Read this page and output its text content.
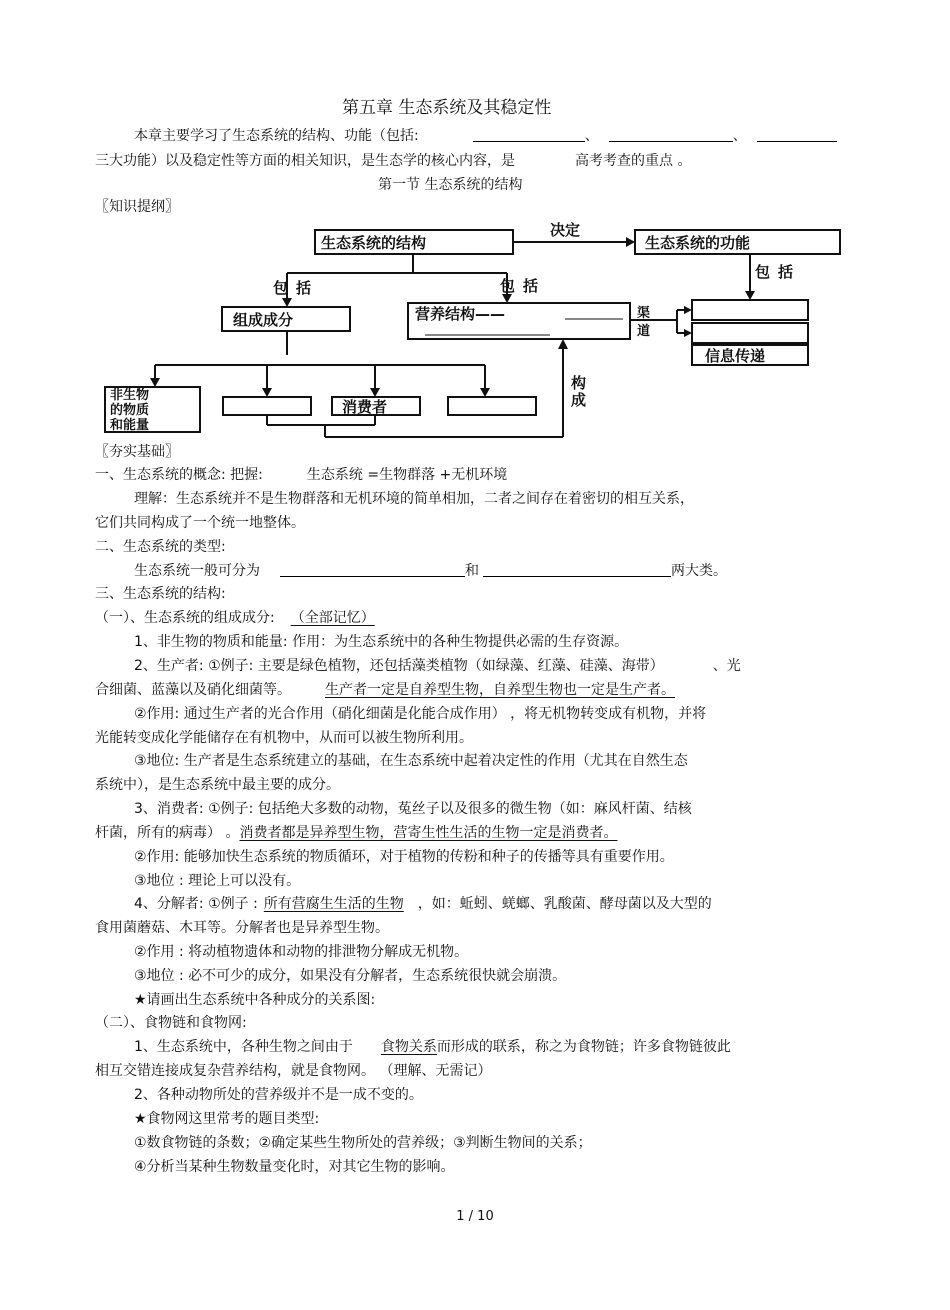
第五章 生态系统及其稳定性
本章主要学习了生态系统的结构、功能（包括:	、	、
三大功能）以及稳定性等方面的相关知识，是生态学的核心内容，是	高考考查的重点 。
第一节 生态系统的结构
〖知识提纲〗
生态系统的结构
决定
生态系统的功能
包括	包括
包括
组成成分	营养结构——	渠
道
信息传递
非生物
的物质
和能量
消费者
构
成
〖夯实基础〗
一、生态系统的概念: 把握:	生态系统 =生物群落 +无机环境
理解：生态系统并不是生物群落和无机环境的简单相加，二者之间存在着密切的相互关系，
它们共同构成了一个统一地整体。
二、生态系统的类型:
生态系统一般可分为	和	两大类。
三、生态系统的结构:
（一）、生态系统的组成成分: （全部记忆）
1、非生物的物质和能量: 作用：为生态系统中的各种生物提供必需的生存资源。
2、生产者: ①例子: 主要是绿色植物，还包括藻类植物（如绿藻、红藻、硅藻、海带）	、光
合细菌、蓝藻以及硝化细菌等。 生产者一定是自养型生物，自养型生物也一定是生产者。
②作用: 通过生产者的光合作用（硝化细菌是化能合成作用） ，将无机物转变成有机物，并将
光能转变成化学能储存在有机物中，从而可以被生物所利用。
③地位: 生产者是生态系统建立的基础，在生态系统中起着决定性的作用（尤其在自然生态
系统中），是生态系统中最主要的成分。
3、消费者: ①例子: 包括绝大多数的动物，菟丝子以及很多的微生物（如：麻风杆菌、结核
杆菌，所有的病毒） 。消费者都是异养型生物，营寄生性生活的生物一定是消费者。
②作用: 能够加快生态系统的物质循环，对于植物的传粉和种子的传播等具有重要作用。
③地位 : 理论上可以没有。
4、分解者: ①例子 : 所有营腐生生活的生物 ，如：蚯蚓、蜣螂、乳酸菌、酵母菌以及大型的
食用菌蘑菇、木耳等。分解者也是异养型生物。
②作用 : 将动植物遗体和动物的排泄物分解成无机物。
③地位 : 必不可少的成分，如果没有分解者，生态系统很快就会崩溃。
★请画出生态系统中各种成分的关系图:
（二）、食物链和食物网:
1、生态系统中，各种生物之间由于 食物关系而形成的联系，称之为食物链；许多食物链彼此
相互交错连接成复杂营养结构，就是食物网。 （理解、无需记）
2、各种动物所处的营养级并不是一成不变的。
★食物网这里常考的题目类型:
①数食物链的条数；②确定某些生物所处的营养级；③判断生物间的关系；
④分析当某种生物数量变化时，对其它生物的影响。
1 / 10
